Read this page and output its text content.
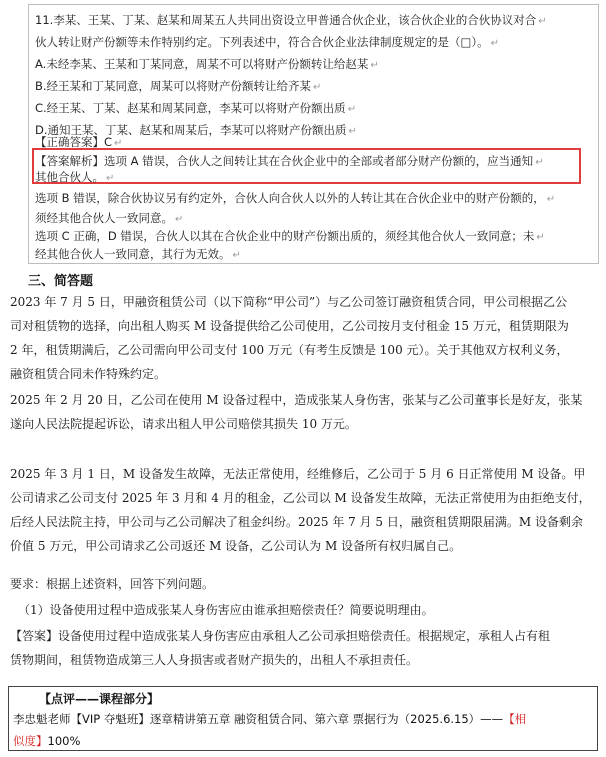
11.李某、王某、丁某、赵某和周某五人共同出资设立甲普通合伙企业，该合伙企业的合伙协议对合 ↵
伙人转让财产份额等未作特别约定。下列表述中，符合合伙企业法律制度规定的是（□）。 ↵
A.未经李某、王某和丁某同意，周某不可以将财产份额转让给赵某 ↵
B.经王某和丁某同意，周某可以将财产份额转让给齐某 ↵
C.经王某、丁某、赵某和周某同意，李某可以将财产份额出质 ↵
D.通知王某、丁某、赵某和周某后，李某可以将财产份额出质 ↵
【正确答案】C ↵
【答案解析】选项 A 错误，合伙人之间转让其在合伙企业中的全部或者部分财产份额的，应当通知 ↵
其他合伙人。 ↵
选项 B 错误，除合伙协议另有约定外，合伙人向合伙人以外的人转让其在合伙企业中的财产份额的， ↵
须经其他合伙人一致同意。 ↵
选项 C 正确，D 错误，合伙人以其在合伙企业中的财产份额出质的，须经其他合伙人一致同意；未 ↵
经其他合伙人一致同意，其行为无效。 ↵
三、简答题
2023 年 7 月 5 日，甲融资租赁公司（以下简称“甲公司”）与乙公司签订融资租赁合同，甲公司根据乙公
司对租赁物的选择，向出租人购买 M 设备提供给乙公司使用，乙公司按月支付租金 15 万元，租赁期限为
2 年，租赁期满后，乙公司需向甲公司支付 100 万元（有考生反馈是 100 元）。关于其他双方权利义务，
融资租赁合同未作特殊约定。
2025 年 2 月 20 日，乙公司在使用 M 设备过程中，造成张某人身伤害，张某与乙公司董事长是好友，张某
遂向人民法院提起诉讼，请求出租人甲公司赔偿其损失 10 万元。
2025 年 3 月 1 日，M 设备发生故障，无法正常使用，经维修后，乙公司于 5 月 6 日正常使用 M 设备。甲
公司请求乙公司支付 2025 年 3 月和 4 月的租金，乙公司以 M 设备发生故障，无法正常使用为由拒绝支付，
后经人民法院主持，甲公司与乙公司解决了租金纠纷。2025 年 7 月 5 日，融资租赁期限届满。M 设备剩余
价值 5 万元，甲公司请求乙公司返还 M 设备，乙公司认为 M 设备所有权归属自己。
要求：根据上述资料，回答下列问题。
（1）设备使用过程中造成张某人身伤害应由谁承担赔偿责任？简要说明理由。
【答案】设备使用过程中造成张某人身伤害应由承租人乙公司承担赔偿责任。根据规定，承租人占有租
赁物期间，租赁物造成第三人人身损害或者财产损失的，出租人不承担责任。
【点评——课程部分】
李忠魁老师【VIP 夺魁班】逐章精讲第五章 融资租赁合同、第六章 票据行为（2025.6.15）——【相
似度】100%
